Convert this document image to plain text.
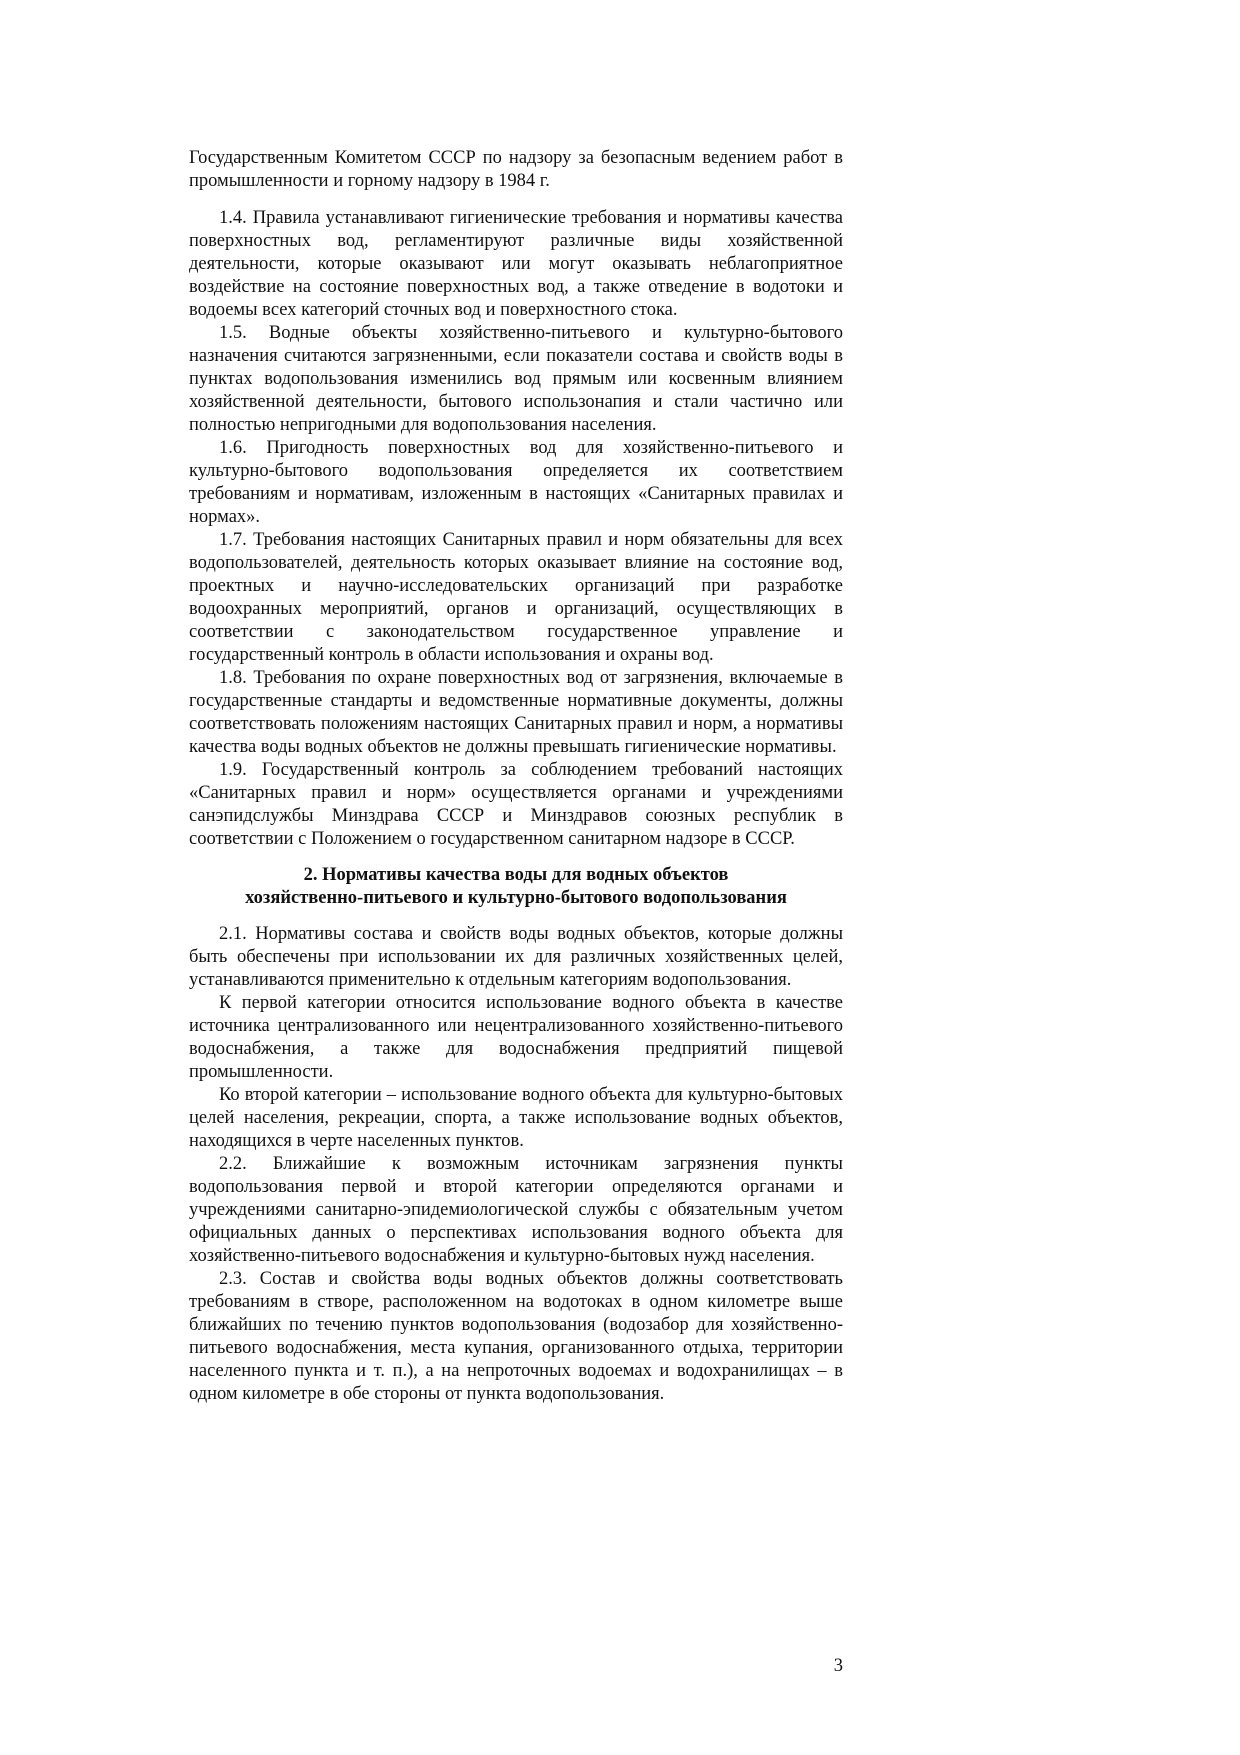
Государственным Комитетом СССР по надзору за безопасным ведением работ в промышленности и горному надзору в 1984 г.

1.4. Правила устанавливают гигиенические требования и нормативы качества поверхностных вод, регламентируют различные виды хозяйственной деятельности, которые оказывают или могут оказывать неблагоприятное воздействие на состояние поверхностных вод, а также отведение в водотоки и водоемы всех категорий сточных вод и поверхностного стока.

1.5. Водные объекты хозяйственно-питьевого и культурно-бытового назначения считаются загрязненными, если показатели состава и свойств воды в пунктах водопользования изменились вод прямым или косвенным влиянием хозяйственной деятельности, бытового использонапия и стали частично или полностью непригодными для водопользования населения.

1.6. Пригодность поверхностных вод для хозяйственно-питьевого и культурно-бытового водопользования определяется их соответствием требованиям и нормативам, изложенным в настоящих «Санитарных правилах и нормах».

1.7. Требования настоящих Санитарных правил и норм обязательны для всех водопользователей, деятельность которых оказывает влияние на состояние вод, проектных и научно-исследовательских организаций при разработке водоохранных мероприятий, органов и организаций, осуществляющих в соответствии с законодательством государственное управление и государственный контроль в области использования и охраны вод.

1.8. Требования по охране поверхностных вод от загрязнения, включаемые в государственные стандарты и ведомственные нормативные документы, должны соответствовать положениям настоящих Санитарных правил и норм, а нормативы качества воды водных объектов не должны превышать гигиенические нормативы.

1.9. Государственный контроль за соблюдением требований настоящих «Санитарных правил и норм» осуществляется органами и учреждениями санэпидслужбы Минздрава СССР и Минздравов союзных республик в соответствии с Положением о государственном санитарном надзоре в СССР.

2. Нормативы качества воды для водных объектов
хозяйственно-питьевого и культурно-бытового водопользования

2.1. Нормативы состава и свойств воды водных объектов, которые должны быть обеспечены при использовании их для различных хозяйственных целей, устанавливаются применительно к отдельным категориям водопользования.

К первой категории относится использование водного объекта в качестве источника централизованного или нецентрализованного хозяйственно-питьевого водоснабжения, а также для водоснабжения предприятий пищевой промышленности.

Ко второй категории – использование водного объекта для культурно-бытовых целей населения, рекреации, спорта, а также использование водных объектов, находящихся в черте населенных пунктов.

2.2. Ближайшие к возможным источникам загрязнения пункты водопользования первой и второй категории определяются органами и учреждениями санитарно-эпидемиологической службы с обязательным учетом официальных данных о перспективах использования водного объекта для хозяйственно-питьевого водоснабжения и культурно-бытовых нужд населения.

2.3. Состав и свойства воды водных объектов должны соответствовать требованиям в створе, расположенном на водотоках в одном километре выше ближайших по течению пунктов водопользования (водозабор для хозяйственно-питьевого водоснабжения, места купания, организованного отдыха, территории населенного пункта и т. п.), а на непроточных водоемах и водохранилищах – в одном километре в обе стороны от пункта водопользования.

3
